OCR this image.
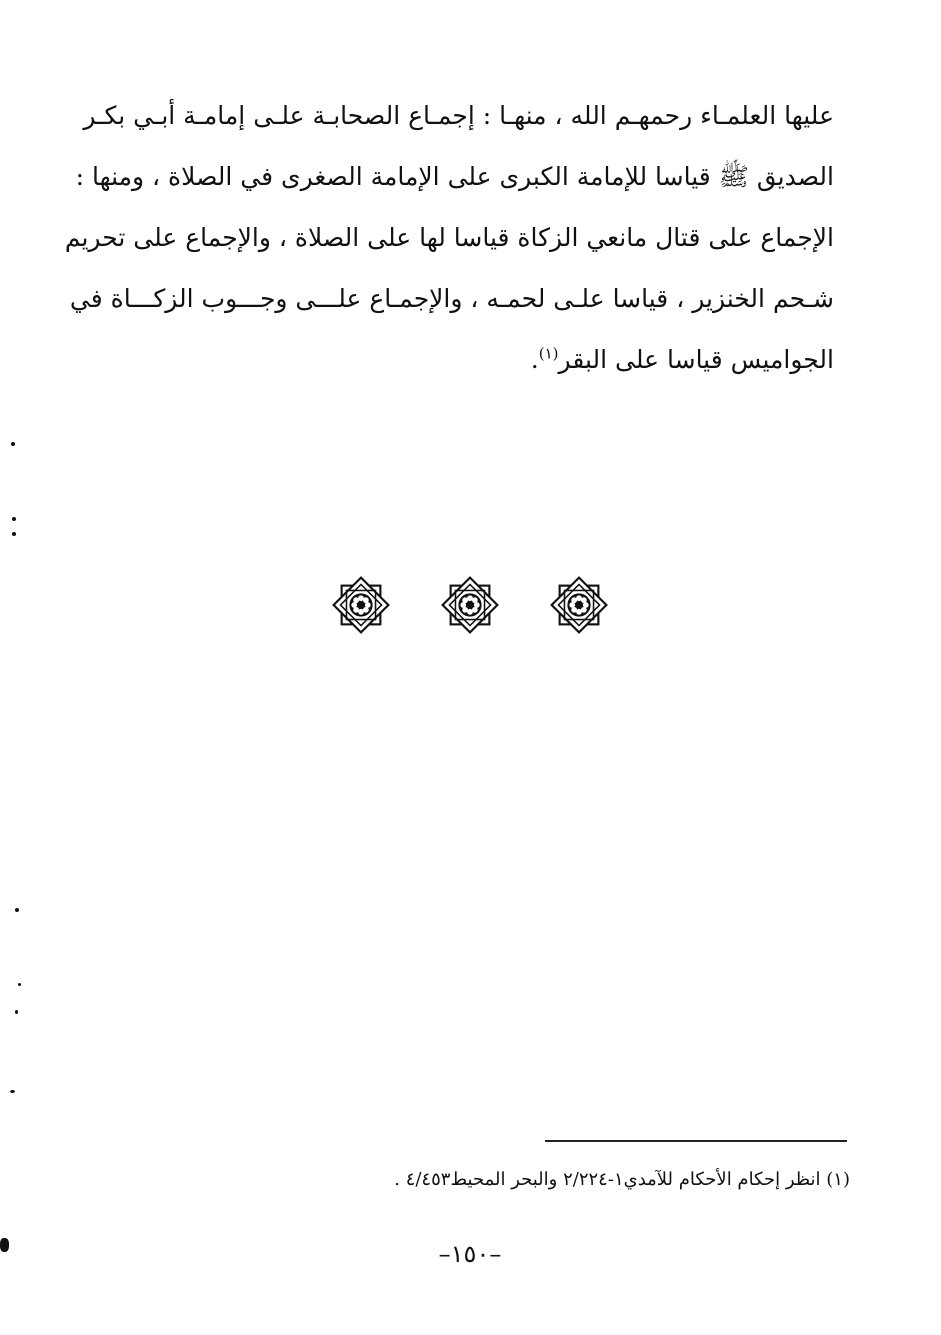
عليها العلمـاء رحمهـم الله ، منهـا : إجمـاع الصحابـة علـى إمامـة أبـي بكـر
الصديق ﷺ قياسا للإمامة الكبرى على الإمامة الصغرى في الصلاة ، ومنها :
الإجماع على قتال مانعي الزكاة قياسا لها على الصلاة ، والإجماع على تحريم
شـحم الخنزير ، قياسا علـى لحمـه ، والإجمـاع علـــى وجـــوب الزكـــاة في
الجواميس قياسا على البقر$^{(١)}$.
(١) انظر إحكام الأحكام للآمدي١-٢/٢٢٤ والبحر المحيط٤/٤٥٣ .
–١٥٠–
